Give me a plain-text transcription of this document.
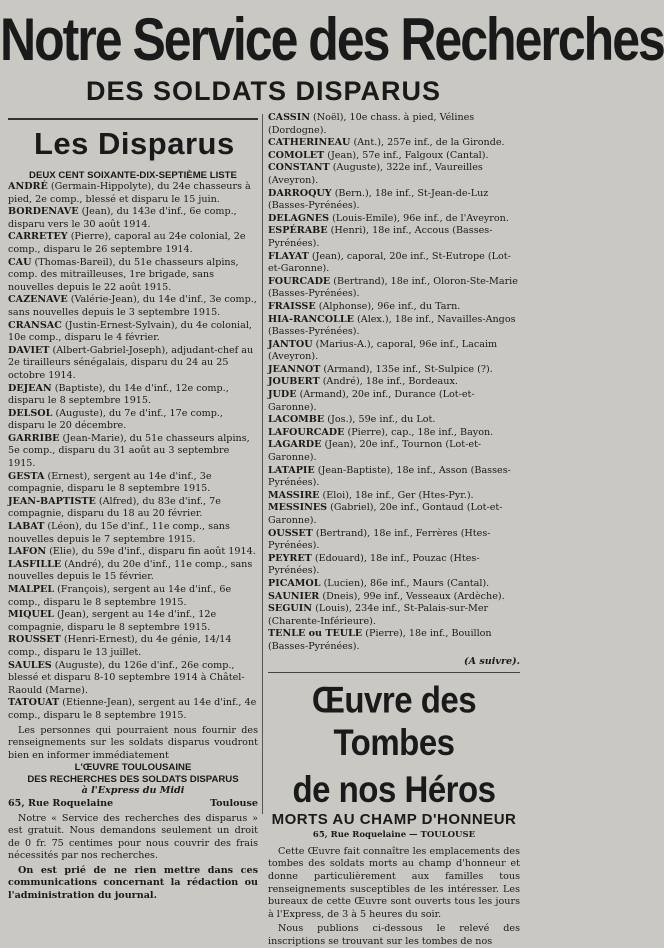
Notre Service des Recherches
DES SOLDATS DISPARUS
Les Disparus
DEUX CENT SOIXANTE-DIX-SEPTIÈME LISTE
ANDRÉ (Germain-Hippolyte), du 24e chasseurs à pied, 2e comp., blessé et disparu le 15 juin.
BORDENAVE (Jean), du 143e d'inf., 6e comp., disparu vers le 30 août 1914.
CARRETEY (Pierre), caporal au 24e colonial, 2e comp., disparu le 26 septembre 1914.
CAU (Thomas-Bareil), du 51e chasseurs alpins, comp. des mitrailleuses, 1re brigade, sans nouvelles depuis le 22 août 1915.
CAZENAVE (Valérie-Jean), du 14e d'inf., 3e comp., sans nouvelles depuis le 3 septembre 1915.
CRANSAC (Justin-Ernest-Sylvain), du 4e colonial, 10e comp., disparu le 4 février.
DAVIET (Albert-Gabriel-Joseph), adjudant-chef au 2e tirailleurs sénégalais, disparu du 24 au 25 octobre 1914.
DEJEAN (Baptiste), du 14e d'inf., 12e comp., disparu le 8 septembre 1915.
DELSOL (Auguste), du 7e d'inf., 17e comp., disparu le 20 décembre.
GARRIBE (Jean-Marie), du 51e chasseurs alpins, 5e comp., disparu du 31 août au 3 septembre 1915.
GESTA (Ernest), sergent au 14e d'inf., 3e compagnie, disparu le 8 septembre 1915.
JEAN-BAPTISTE (Alfred), du 83e d'inf., 7e compagnie, disparu du 18 au 20 février.
LABAT (Léon), du 15e d'inf., 11e comp., sans nouvelles depuis le 7 septembre 1915.
LAFON (Elie), du 59e d'inf., disparu fin août 1914.
LASFILLE (André), du 20e d'inf., 11e comp., sans nouvelles depuis le 15 février.
MALPEL (François), sergent au 14e d'inf., 6e comp., disparu le 8 septembre 1915.
MIQUEL (Jean), sergent au 14e d'inf., 12e compagnie, disparu le 8 septembre 1915.
ROUSSET (Henri-Ernest), du 4e génie, 14/14 comp., disparu le 13 juillet.
SAULES (Auguste), du 126e d'inf., 26e comp., blessé et disparu 8-10 septembre 1914 à Châtel-Raould (Marne).
TATOUAT (Etienne-Jean), sergent au 14e d'inf., 4e comp., disparu le 8 septembre 1915.

Les personnes qui pourraient nous fournir des renseignements sur les soldats disparus voudront bien en informer immédiatement

L'ŒUVRE TOULOUSAINE
DES RECHERCHES DES SOLDATS DISPARUS
à l'Express du Midi
65, Rue Roquelaine	Toulouse

Notre « Service des recherches des disparus » est gratuit. Nous demandons seulement un droit de 0 fr. 75 centimes pour nous couvrir des frais nécessités par nos recherches.

On est prié de ne rien mettre dans ces communications concernant la rédaction ou l'administration du journal.

CASSIN (Noël), 10e chass. à pied, Vélines (Dordogne).
CATHERINEAU (Ant.), 257e inf., de la Gironde.
COMOLET (Jean), 57e inf., Falgoux (Cantal).
CONSTANT (Auguste), 322e inf., Vaureilles (Aveyron).
DARROQUY (Bern.), 18e inf., St-Jean-de-Luz (Basses-Pyrénées).
DELAGNES (Louis-Emile), 96e inf., de l'Aveyron.
ESPÉRABE (Henri), 18e inf., Accous (Basses-Pyrénées).
FLAYAT (Jean), caporal, 20e inf., St-Eutrope (Lot-et-Garonne).
FOURCADE (Bertrand), 18e inf., Oloron-Ste-Marie (Basses-Pyrénées).
FRAISSE (Alphonse), 96e inf., du Tarn.
HIA-RANCOLLE (Alex.), 18e inf., Navailles-Angos (Basses-Pyrénées).
JANTOU (Marius-A.), caporal, 96e inf., Lacaim (Aveyron).
JEANNOT (Armand), 135e inf., St-Sulpice (?).
JOUBERT (André), 18e inf., Bordeaux.
JUDE (Armand), 20e inf., Durance (Lot-et-Garonne).
LACOMBE (Jos.), 59e inf., du Lot.
LAFOURCADE (Pierre), cap., 18e inf., Bayon.
LAGARDE (Jean), 20e inf., Tournon (Lot-et-Garonne).
LATAPIE (Jean-Baptiste), 18e inf., Asson (Basses-Pyrénées).
MASSIRE (Eloi), 18e inf., Ger (Htes-Pyr.).
MESSINES (Gabriel), 20e inf., Gontaud (Lot-et-Garonne).
OUSSET (Bertrand), 18e inf., Ferrères (Htes-Pyrénées).
PEYRET (Edouard), 18e inf., Pouzac (Htes-Pyrénées).
PICAMOL (Lucien), 86e inf., Maurs (Cantal).
SAUNIER (Dneis), 99e inf., Vesseaux (Ardèche).
SEGUIN (Louis), 234e inf., St-Palais-sur-Mer (Charente-Inférieure).
TENLE ou TEULE (Pierre), 18e inf., Bouillon (Basses-Pyrénées).
(A suivre).
Œuvre des Tombes
de nos Héros
MORTS AU CHAMP D'HONNEUR
65, Rue Roquelaine — TOULOUSE

Cette Œuvre fait connaître les emplacements des tombes des soldats morts au champ d'honneur et donne particulièrement aux familles tous renseignements susceptibles de les intéresser. Les bureaux de cette Œuvre sont ouverts tous les jours à l'Express, de 3 à 5 heures du soir.

Nous publions ci-dessous le relevé des inscriptions se trouvant sur les tombes de nos
